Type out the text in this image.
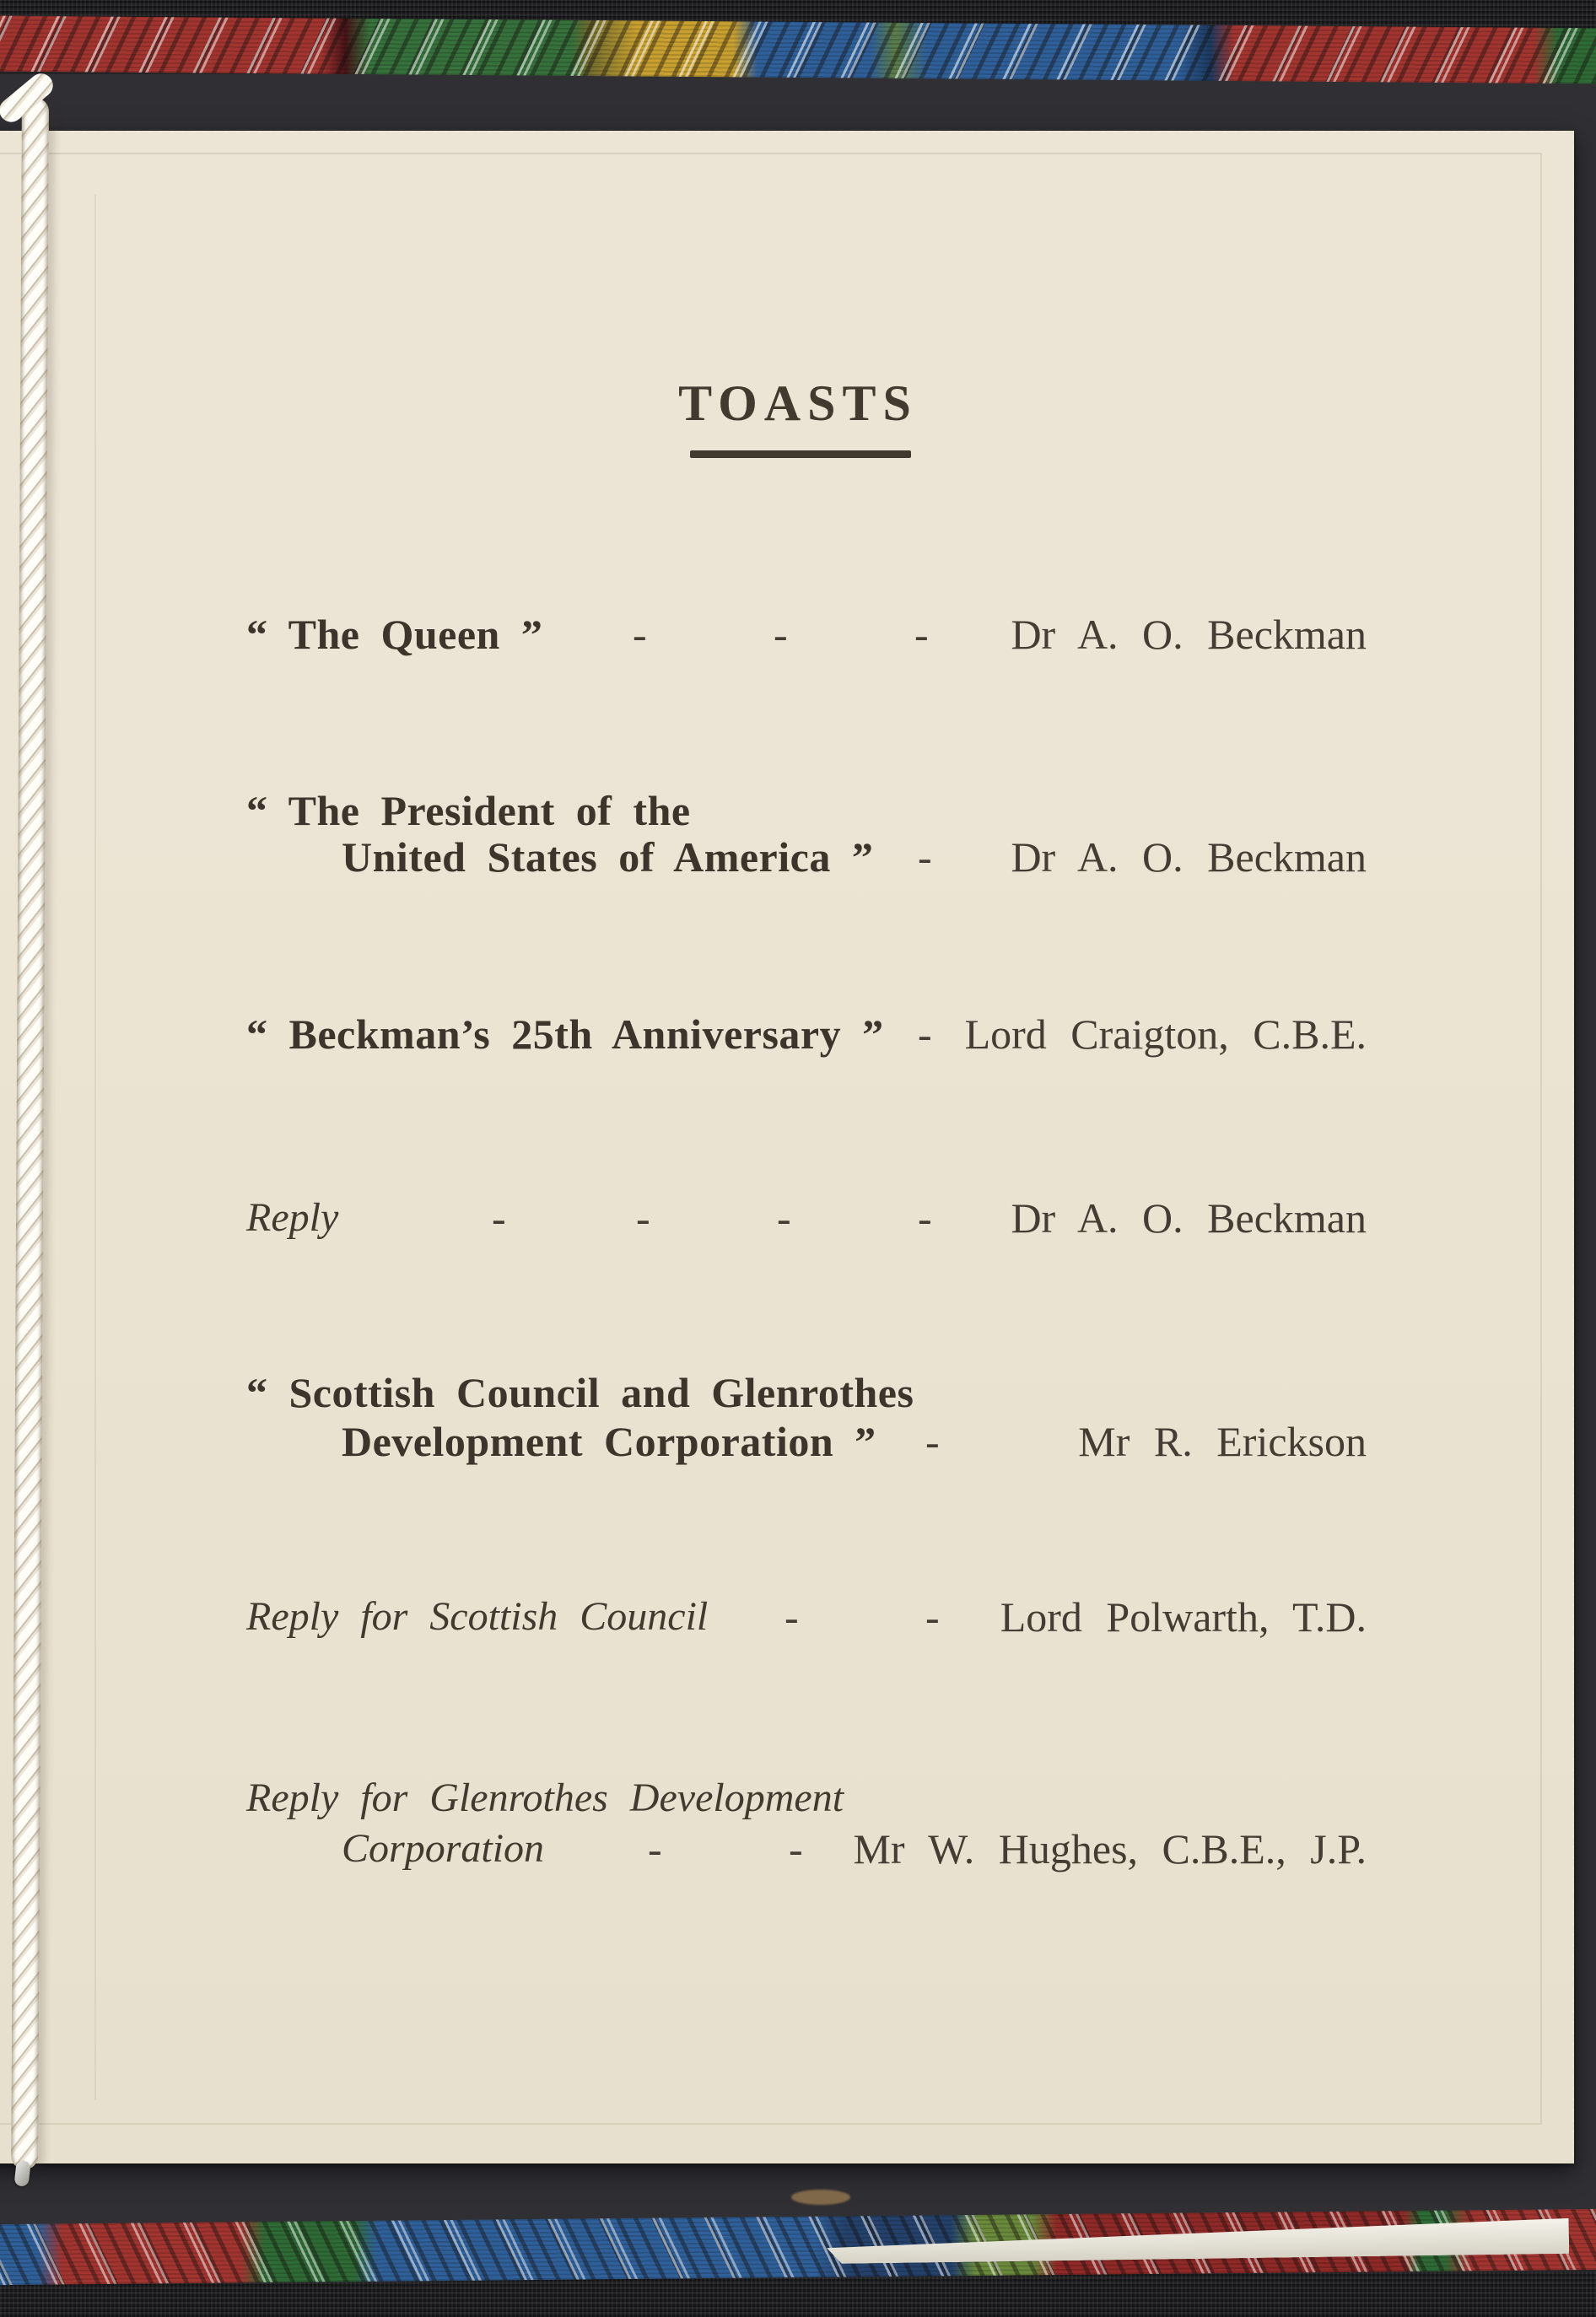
TOASTS
“ The Queen ” -	-	- Dr A. O. Beckman
“ The President of the
United States of America ” - Dr A. O. Beckman
“ Beckman’s 25th Anniversary ” - Lord Craigton, C.B.E.
Reply	-	-	-	- Dr A. O. Beckman
“ Scottish Council and Glenrothes
Development Corporation ” -	Mr R. Erickson
Reply for Scottish Council -	- Lord Polwarth, T.D.
Reply for Glenrothes Development
Corporation -	- Mr W. Hughes, C.B.E., J.P.
